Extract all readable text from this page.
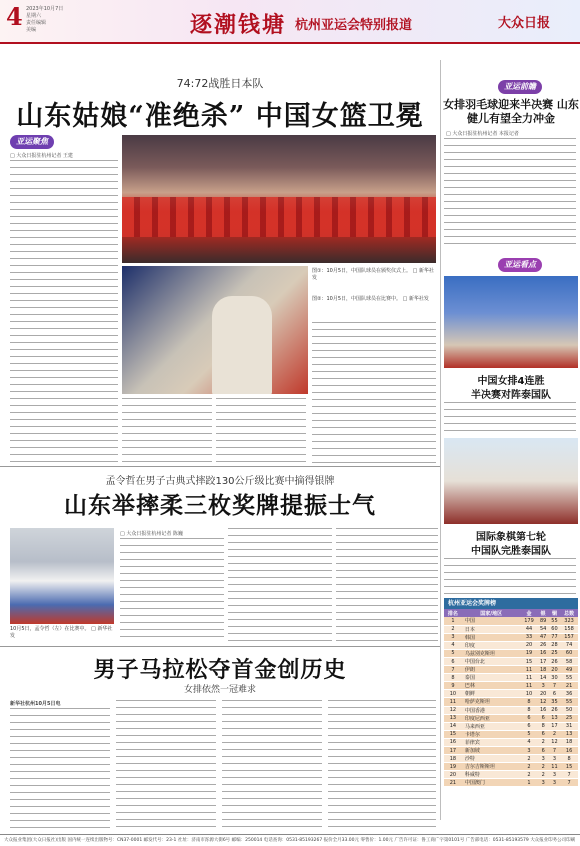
4 2023年10月7日
星期六
责任编辑
美编	逐潮钱塘 杭州亚运会特别报道	大众日报
74:72战胜日本队
山东姑娘“准绝杀” 中国女篮卫冕
亚运聚焦
□ 大众日报驻杭州记者 王建
图①：10月5日，中国队球员在颁奖仪式上。 □ 新华社发
图②：10月5日，中国队球员在比赛中。 □ 新华社发
亚运前瞻
女排羽毛球迎来半决赛 山东健儿有望全力冲金
□ 大众日报驻杭州记者 本报记者
亚运看点
中国女排4连胜
半决赛对阵泰国队
国际象棋第七轮
中国队完胜泰国队
杭州亚运会奖牌榜
排名	国家/地区	金	银	铜	总数
1	中国	179	89	55	323
2	日本	44	54	60	158
3	韩国	33	47	77	157
4	印度	20	26	28	74
5	乌兹别克斯坦	19	16	25	60
6	中国台北	15	17	26	58
7	伊朗	11	18	20	49
8	泰国	11	14	30	55
9	巴林	11	3	7	21
10	朝鲜	10	20	6	36
11	哈萨克斯坦	8	12	35	55
12	中国香港	8	16	26	50
13	印度尼西亚	6	6	13	25
14	马来西亚	6	8	17	31
15	卡塔尔	5	6	2	13
16	菲律宾	4	2	12	18
17	新加坡	3	6	7	16
18	沙特	2	3	3	8
19	吉尔吉斯斯坦	2	2	11	15
20	科威特	2	2	3	7
21	中国澳门	1	3	3	7
孟令哲在男子古典式摔跤130公斤级比赛中摘得银牌
山东举摔柔三枚奖牌提振士气
10月5日，孟令哲（左）在比赛中。 □ 新华社发
□ 大众日报驻杭州记者 陈巍
男子马拉松夺首金创历史
女排依然一冠难求
新华社杭州10月5日电
大众报业集团(大众日报社)出版 国内统一连续出版物号：CN37-0001 邮发代号：23-1 社址：济南市泺源大街6号 邮编：250014 电话查询：0531-85193267 报价全月33.00元 零售价：1.00元 广告许可证：鲁工商广字第0101号 广告部电话：0531-85193579 大众报业印务公司印刷
